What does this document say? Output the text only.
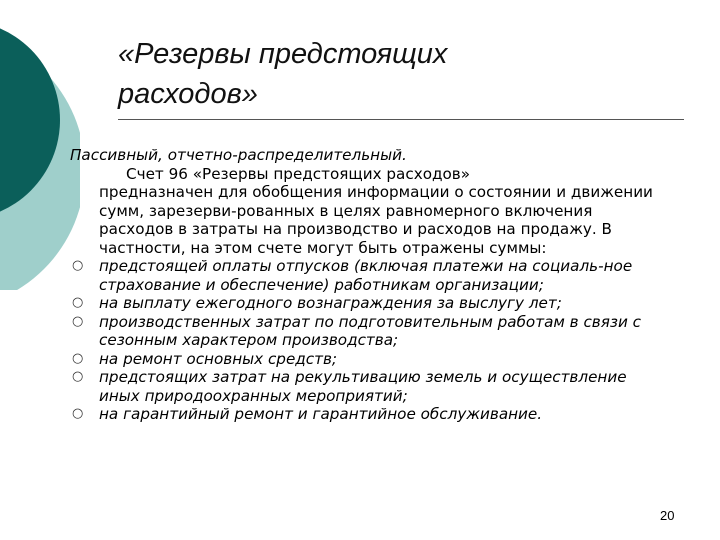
«Резервы предстоящих
расходов»
Пассивный, отчетно-распределительный.
Счет 96 «Резервы предстоящих расходов»
предназначен для обобщения информации о состоянии и движении сумм, зарезерви-рованных в целях равномерного включения расходов в затраты на производство и расходов на продажу. В частности, на этом счете могут быть отражены суммы:
○ предстоящей оплаты отпусков (включая платежи на социаль-ное страхование и обеспечение) работникам организации;
○ на выплату ежегодного вознаграждения за выслугу лет;
○ производственных затрат по подготовительным работам в связи с сезонным характером производства;
○ на ремонт основных средств;
○ предстоящих затрат на рекультивацию земель и осуществление иных природоохранных мероприятий;
○ на гарантийный ремонт и гарантийное обслуживание.
20
